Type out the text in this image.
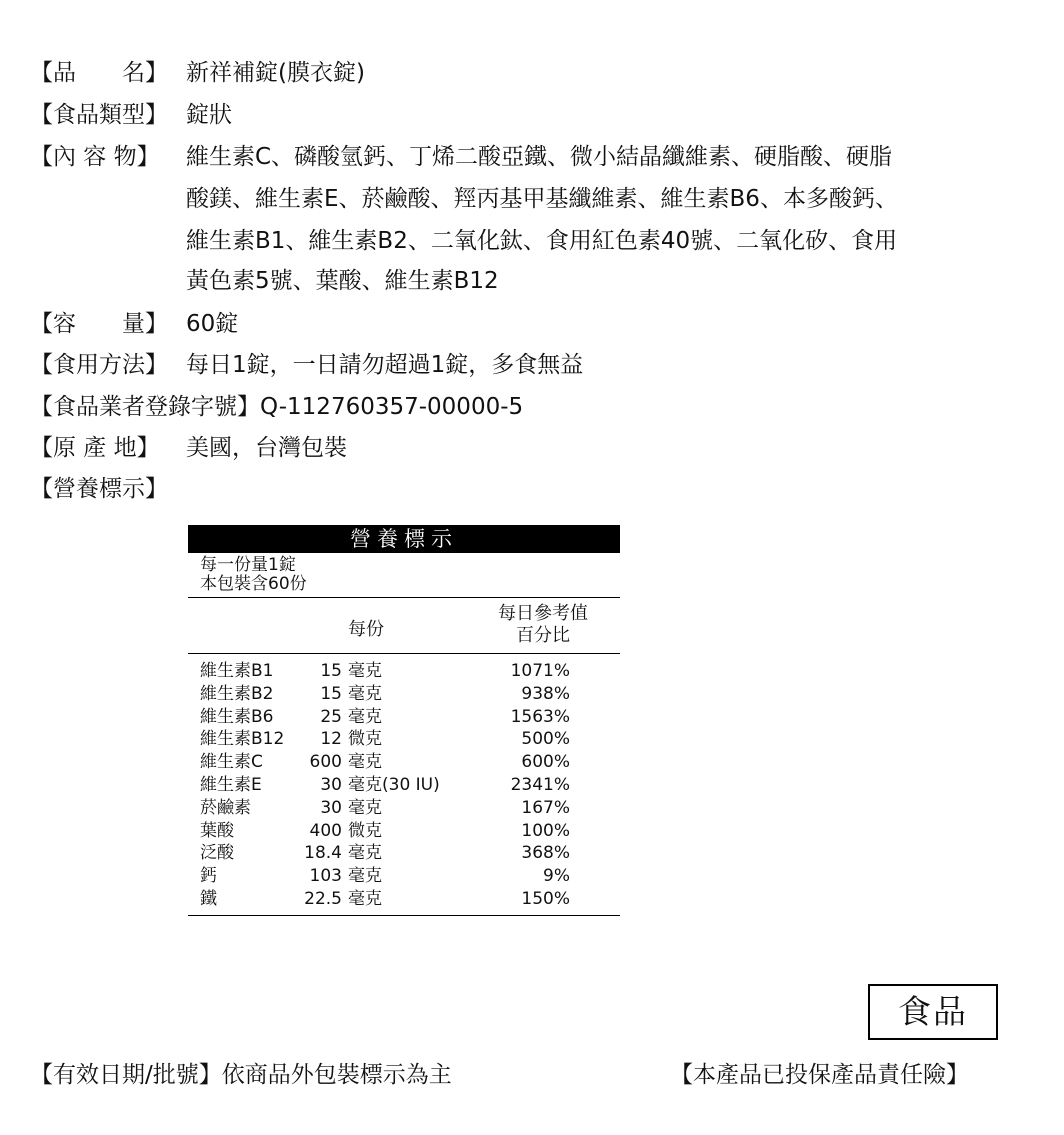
【品　　名】 新祥補錠(膜衣錠)
【食品類型】 錠狀
【內 容 物】	維生素C、磷酸氫鈣、丁烯二酸亞鐵、微小結晶纖維素、硬脂酸、硬脂
酸鎂、維生素E、菸鹼酸、羥丙基甲基纖維素、維生素B6、本多酸鈣、
維生素B1、維生素B2、二氧化鈦、食用紅色素40號、二氧化矽、食用
黃色素5號、葉酸、維生素B12
【容　　量】 60錠
【食用方法】 每日1錠，一日請勿超過1錠，多食無益
【食品業者登錄字號】Q-112760357-00000-5
【原 產 地】 美國，台灣包裝
【營養標示】
營養標示
每一份量1錠
本包裝含60份
每份
每日參考值
百分比
維生素B1	15 毫克	1071%
維生素B2	15 毫克	938%
維生素B6	25 毫克	1563%
維生素B12	12 微克	500%
維生素C	600 毫克	600%
維生素E	30 毫克(30 IU)	2341%
菸鹼素	30 毫克	167%
葉酸	400 微克	100%
泛酸	18.4 毫克	368%
鈣	103 毫克	9%
鐵	22.5 毫克	150%
食品
【有效日期/批號】依商品外包裝標示為主	【本產品已投保產品責任險】
